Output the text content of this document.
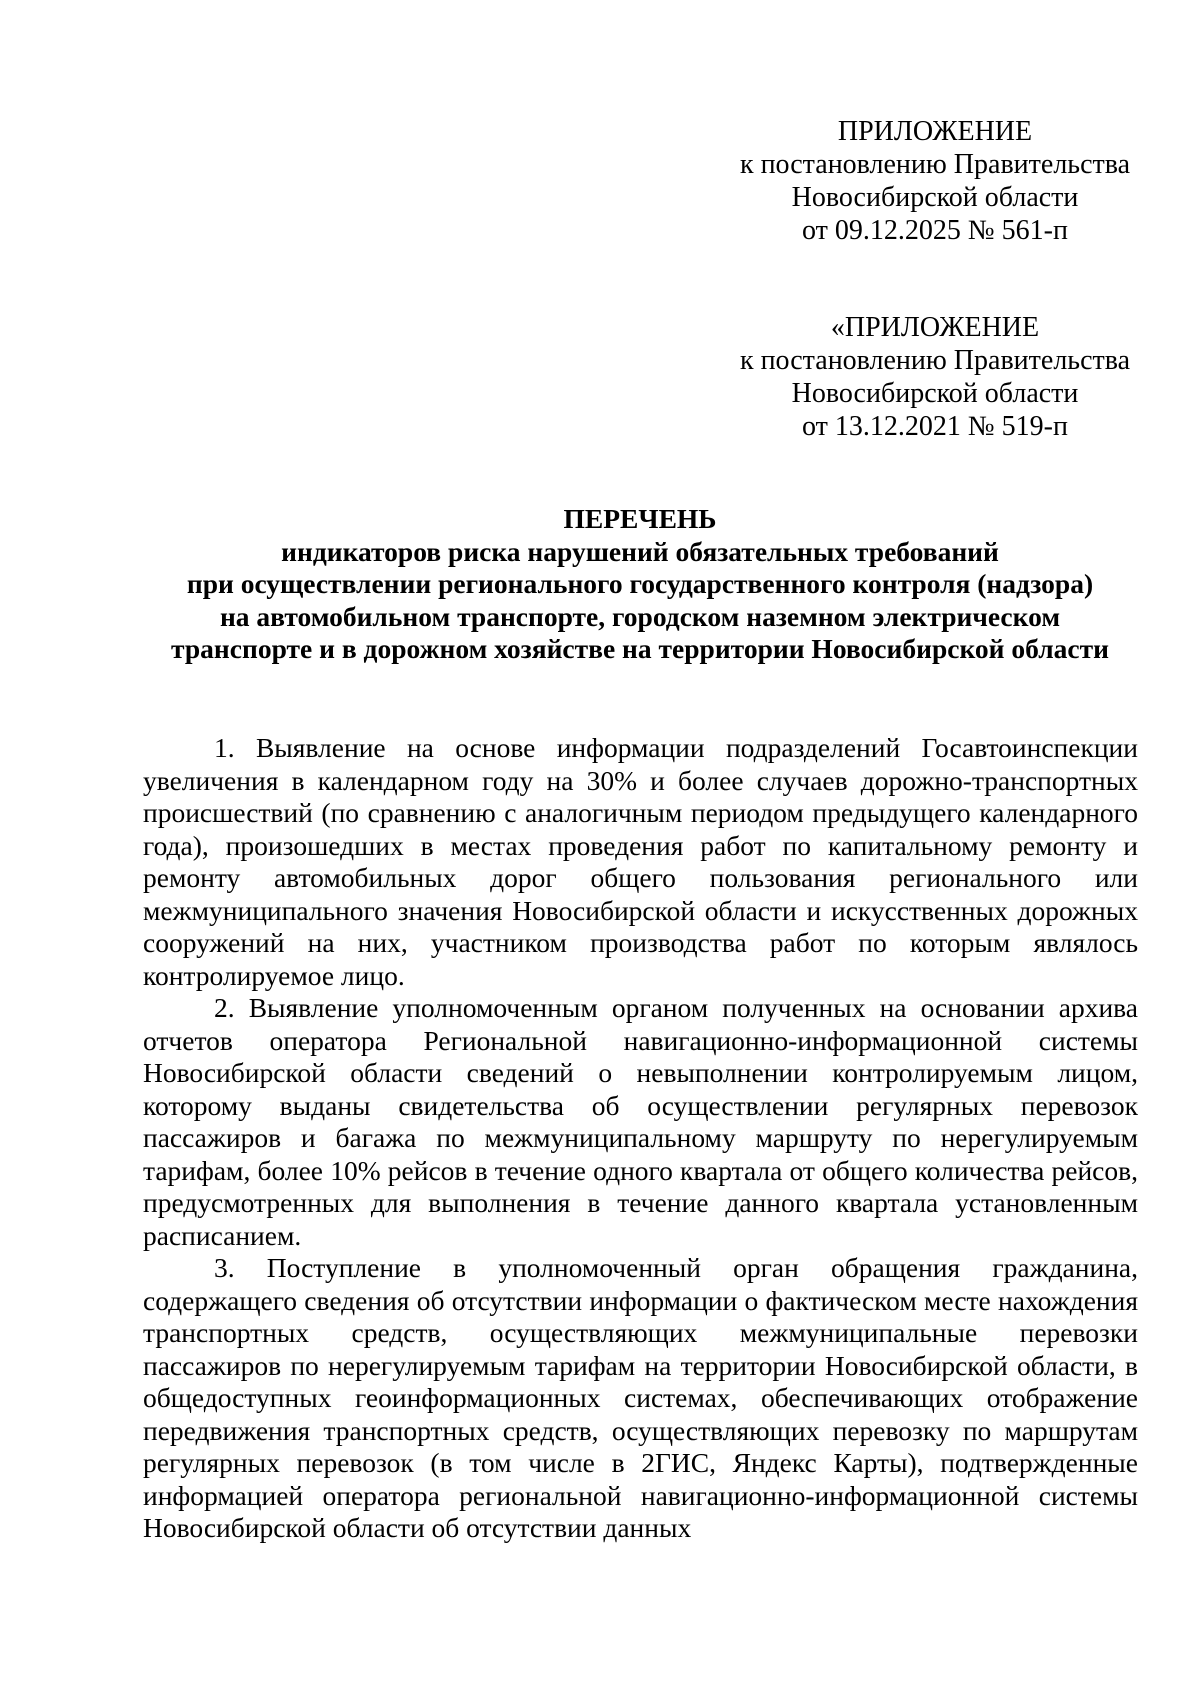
ПРИЛОЖЕНИЕ
к постановлению Правительства
Новосибирской области
от 09.12.2025 № 561-п
«ПРИЛОЖЕНИЕ
к постановлению Правительства
Новосибирской области
от 13.12.2021 № 519-п
ПЕРЕЧЕНЬ
индикаторов риска нарушений обязательных требований
при осуществлении регионального государственного контроля (надзора)
на автомобильном транспорте, городском наземном электрическом
транспорте и в дорожном хозяйстве на территории Новосибирской области

1. Выявление на основе информации подразделений Госавтоинспекции увеличения в календарном году на 30% и более случаев дорожно-транспортных происшествий (по сравнению с аналогичным периодом предыдущего календарного года), произошедших в местах проведения работ по капитальному ремонту и ремонту автомобильных дорог общего пользования регионального или межмуниципального значения Новосибирской области и искусственных дорожных сооружений на них, участником производства работ по которым являлось контролируемое лицо.

2. Выявление уполномоченным органом полученных на основании архива отчетов оператора Региональной навигационно-информационной системы Новосибирской области сведений о невыполнении контролируемым лицом, которому выданы свидетельства об осуществлении регулярных перевозок пассажиров и багажа по межмуниципальному маршруту по нерегулируемым тарифам, более 10% рейсов в течение одного квартала от общего количества рейсов, предусмотренных для выполнения в течение данного квартала установленным расписанием.

3. Поступление в уполномоченный орган обращения гражданина, содержащего сведения об отсутствии информации о фактическом месте нахождения транспортных средств, осуществляющих межмуниципальные перевозки пассажиров по нерегулируемым тарифам на территории Новосибирской области, в общедоступных геоинформационных системах, обеспечивающих отображение передвижения транспортных средств, осуществляющих перевозку по маршрутам регулярных перевозок (в том числе в 2ГИС, Яндекс Карты), подтвержденные информацией оператора региональной навигационно-информационной системы Новосибирской области об отсутствии данных
